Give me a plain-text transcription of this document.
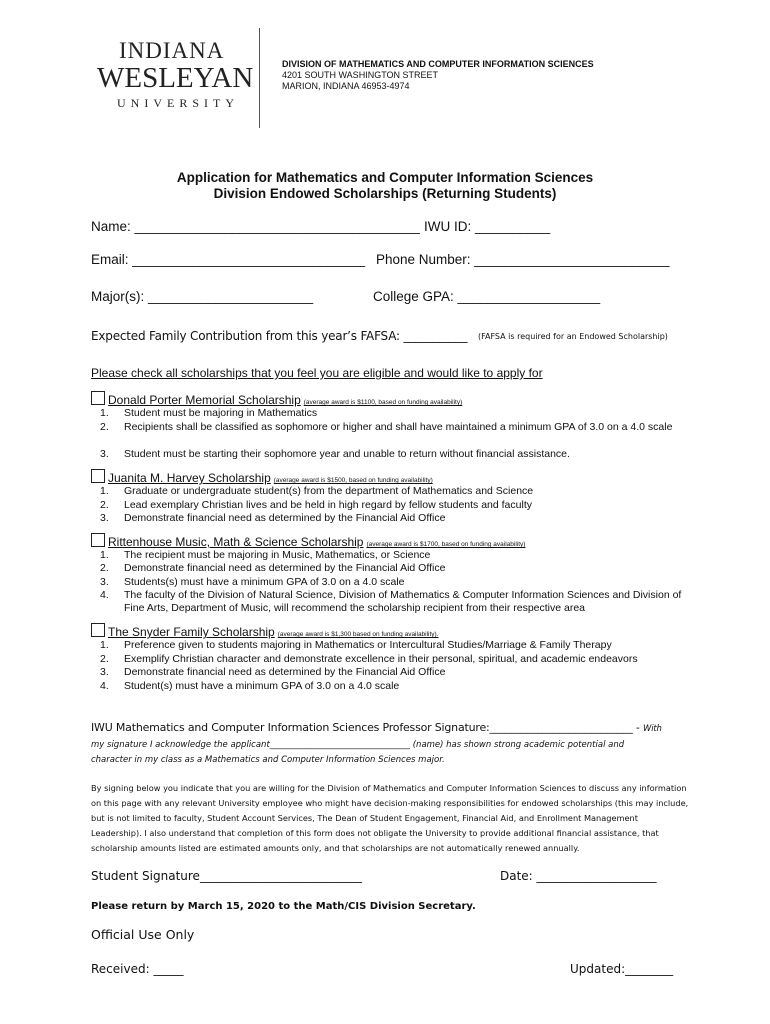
INDIANA
WESLEYAN
UNIVERSITY
DIVISION OF MATHEMATICS AND COMPUTER INFORMATION SCIENCES
4201 SOUTH WASHINGTON STREET
MARION, INDIANA 46953-4974
Application for Mathematics and Computer Information Sciences
Division Endowed Scholarships (Returning Students)
Name: ______________________________________ IWU ID: __________
Email: _______________________________ Phone Number: __________________________
Major(s): ______________________	College GPA: ___________________
Expected Family Contribution from this year’s FAFSA: ___________ (FAFSA is required for an Endowed Scholarship)
Please check all scholarships that you feel you are eligible and would like to apply for
Donald Porter Memorial Scholarship (average award is $1100, based on funding availability)
1.	Student must be majoring in Mathematics
2.	Recipients shall be classified as sophomore or higher and shall have maintained a minimum GPA of 3.0 on a 4.0 scale
3.	Student must be starting their sophomore year and unable to return without financial assistance.
Juanita M. Harvey Scholarship (average award is $1500, based on funding availability)
1.	Graduate or undergraduate student(s) from the department of Mathematics and Science
2.	Lead exemplary Christian lives and be held in high regard by fellow students and faculty
3.	Demonstrate financial need as determined by the Financial Aid Office
Rittenhouse Music, Math & Science Scholarship (average award is $1700, based on funding availability)
1.	The recipient must be majoring in Music, Mathematics, or Science
2.	Demonstrate financial need as determined by the Financial Aid Office
3.	Students(s) must have a minimum GPA of 3.0 on a 4.0 scale
4.	The faculty of the Division of Natural Science, Division of Mathematics & Computer Information Sciences and Division of Fine Arts, Department of Music, will recommend the scholarship recipient from their respective area
The Snyder Family Scholarship (average award is $1,300 based on funding availability).
1.	Preference given to students majoring in Mathematics or Intercultural Studies/Marriage & Family Therapy
2.	Exemplify Christian character and demonstrate excellence in their personal, spiritual, and academic endeavors
3.	Demonstrate financial need as determined by the Financial Aid Office
4.	Student(s) must have a minimum GPA of 3.0 on a 4.0 scale
IWU Mathematics and Computer Information Sciences Professor Signature:___________________________ - With
my signature I acknowledge the applicant_________________________________ (name) has shown strong academic potential and
character in my class as a Mathematics and Computer Information Sciences major.
By signing below you indicate that you are willing for the Division of Mathematics and Computer Information Sciences to discuss any information on this page with any relevant University employee who might have decision-making responsibilities for endowed scholarships (this may include, but is not limited to faculty, Student Account Services, The Dean of Student Engagement, Financial Aid, and Enrollment Management Leadership). I also understand that completion of this form does not obligate the University to provide additional financial assistance, that scholarship amounts listed are estimated amounts only, and that scholarships are not automatically renewed annually.
Student Signature___________________________	Date: ____________________
Please return by March 15, 2020 to the Math/CIS Division Secretary.
Official Use Only
Received: _____	Updated:________
